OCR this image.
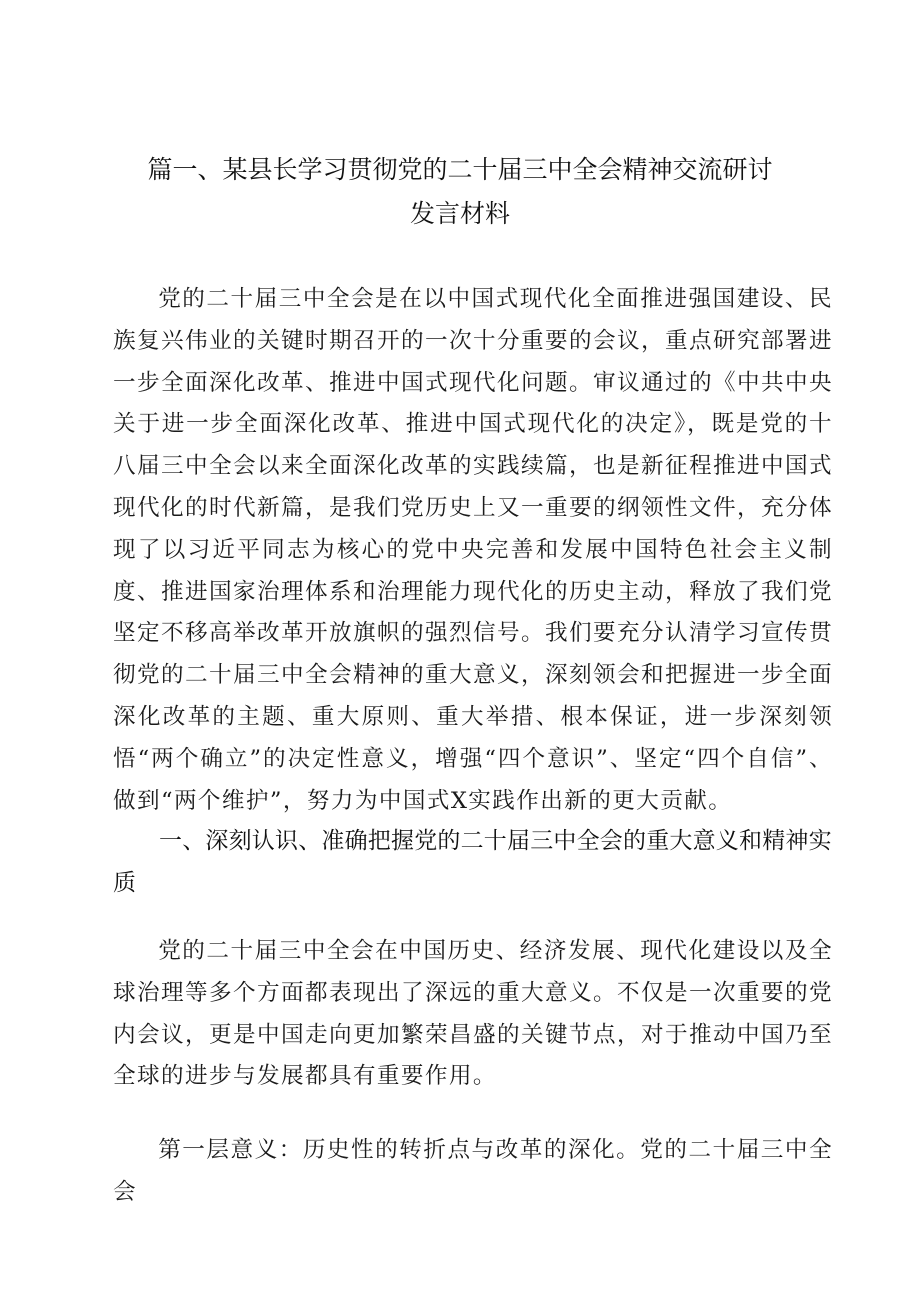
篇一、某县长学习贯彻党的二十届三中全会精神交流研讨
发言材料

党的二十届三中全会是在以中国式现代化全面推进强国建设、民族复兴伟业的关键时期召开的一次十分重要的会议，重点研究部署进一步全面深化改革、推进中国式现代化问题。审议通过的《中共中央关于进一步全面深化改革、推进中国式现代化的决定》，既是党的十八届三中全会以来全面深化改革的实践续篇，也是新征程推进中国式现代化的时代新篇，是我们党历史上又一重要的纲领性文件，充分体现了以习近平同志为核心的党中央完善和发展中国特色社会主义制度、推进国家治理体系和治理能力现代化的历史主动，释放了我们党坚定不移高举改革开放旗帜的强烈信号。我们要充分认清学习宣传贯彻党的二十届三中全会精神的重大意义，深刻领会和把握进一步全面深化改革的主题、重大原则、重大举措、根本保证，进一步深刻领悟“两个确立”的决定性意义，增强“四个意识”、坚定“四个自信”、做到“两个维护”，努力为中国式X实践作出新的更大贡献。

一、深刻认识、准确把握党的二十届三中全会的重大意义和精神实质

党的二十届三中全会在中国历史、经济发展、现代化建设以及全球治理等多个方面都表现出了深远的重大意义。不仅是一次重要的党内会议，更是中国走向更加繁荣昌盛的关键节点，对于推动中国乃至全球的进步与发展都具有重要作用。

第一层意义：历史性的转折点与改革的深化。党的二十届三中全会
